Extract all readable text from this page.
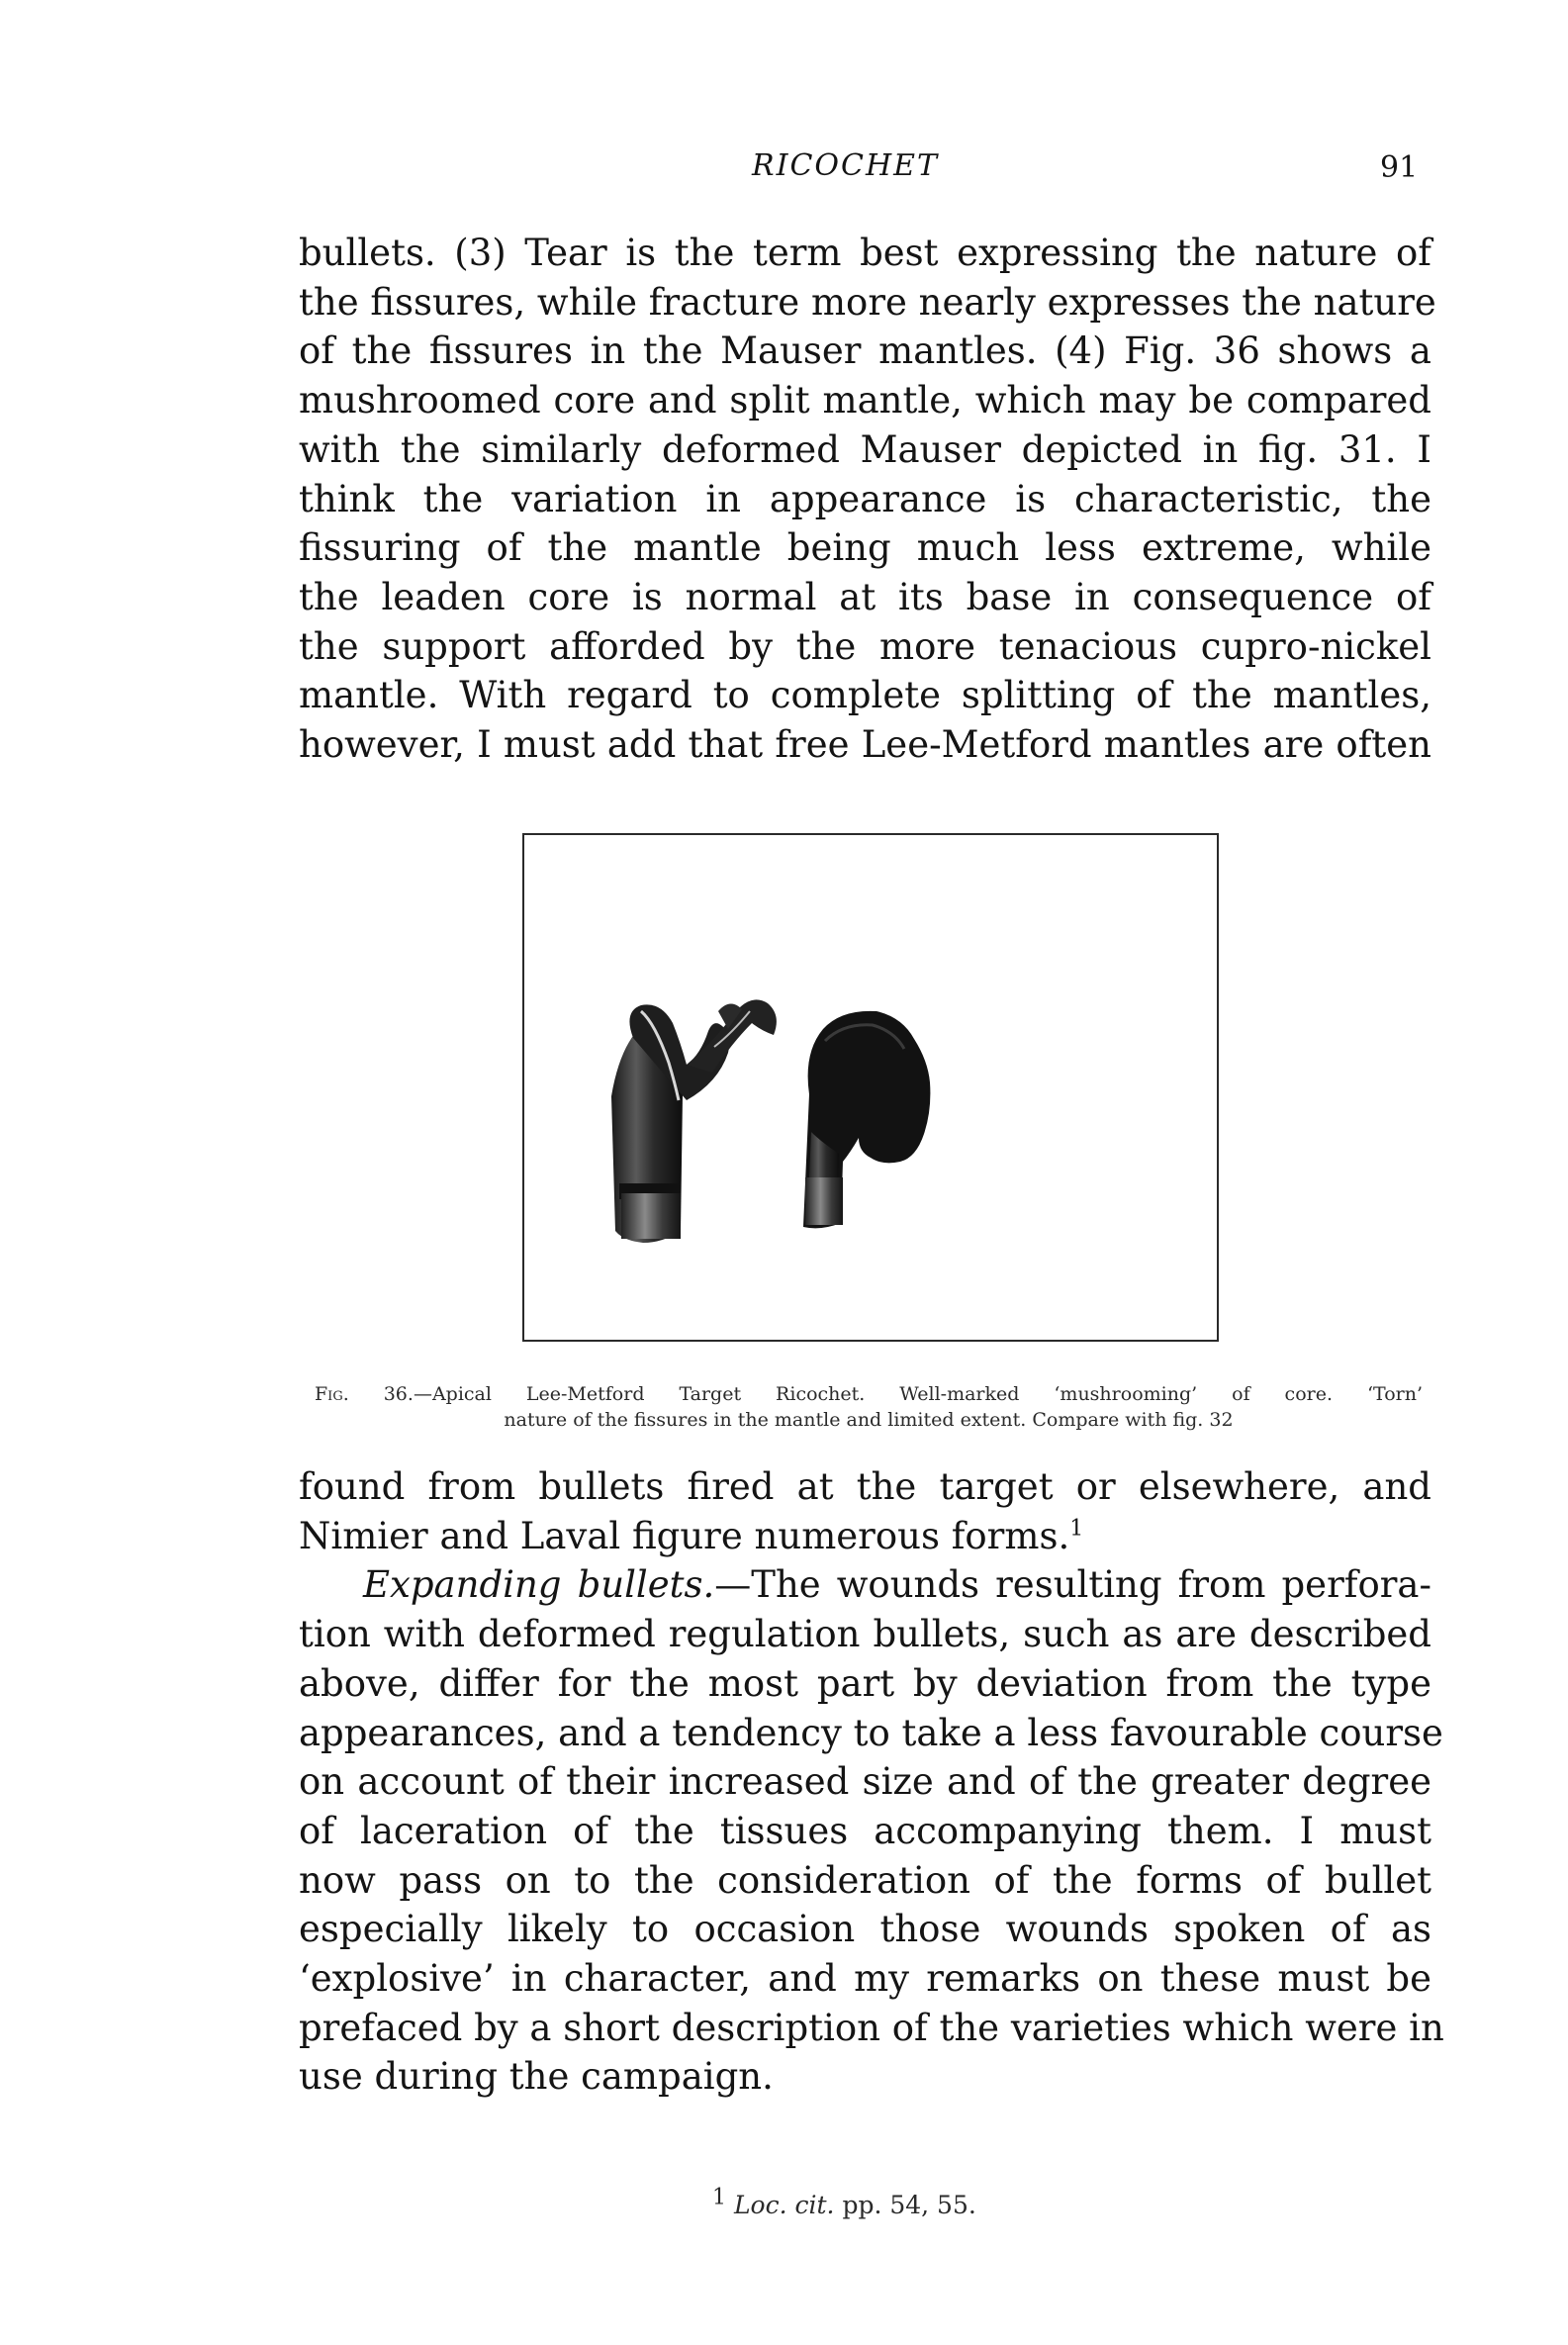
RICOCHET	91
bullets. (3) Tear is the term best expressing the nature of
the fissures, while fracture more nearly expresses the nature
of the fissures in the Mauser mantles. (4) Fig. 36 shows a
mushroomed core and split mantle, which may be compared
with the similarly deformed Mauser depicted in fig. 31. I
think the variation in appearance is characteristic, the
fissuring of the mantle being much less extreme, while
the leaden core is normal at its base in consequence of
the support afforded by the more tenacious cupro-nickel
mantle. With regard to complete splitting of the mantles,
however, I must add that free Lee-Metford mantles are often
Fig. 36.—Apical Lee-Metford Target Ricochet. Well-marked ‘mushrooming’ of core. ‘Torn’
nature of the fissures in the mantle and limited extent. Compare with fig. 32
found from bullets fired at the target or elsewhere, and
Nimier and Laval figure numerous forms.$^1$
Expanding bullets.—The wounds resulting from perfora-
tion with deformed regulation bullets, such as are described
above, differ for the most part by deviation from the type
appearances, and a tendency to take a less favourable course
on account of their increased size and of the greater degree
of laceration of the tissues accompanying them. I must
now pass on to the consideration of the forms of bullet
especially likely to occasion those wounds spoken of as
‘explosive’ in character, and my remarks on these must be
prefaced by a short description of the varieties which were in
use during the campaign.
$^1$ Loc. cit. pp. 54, 55.
